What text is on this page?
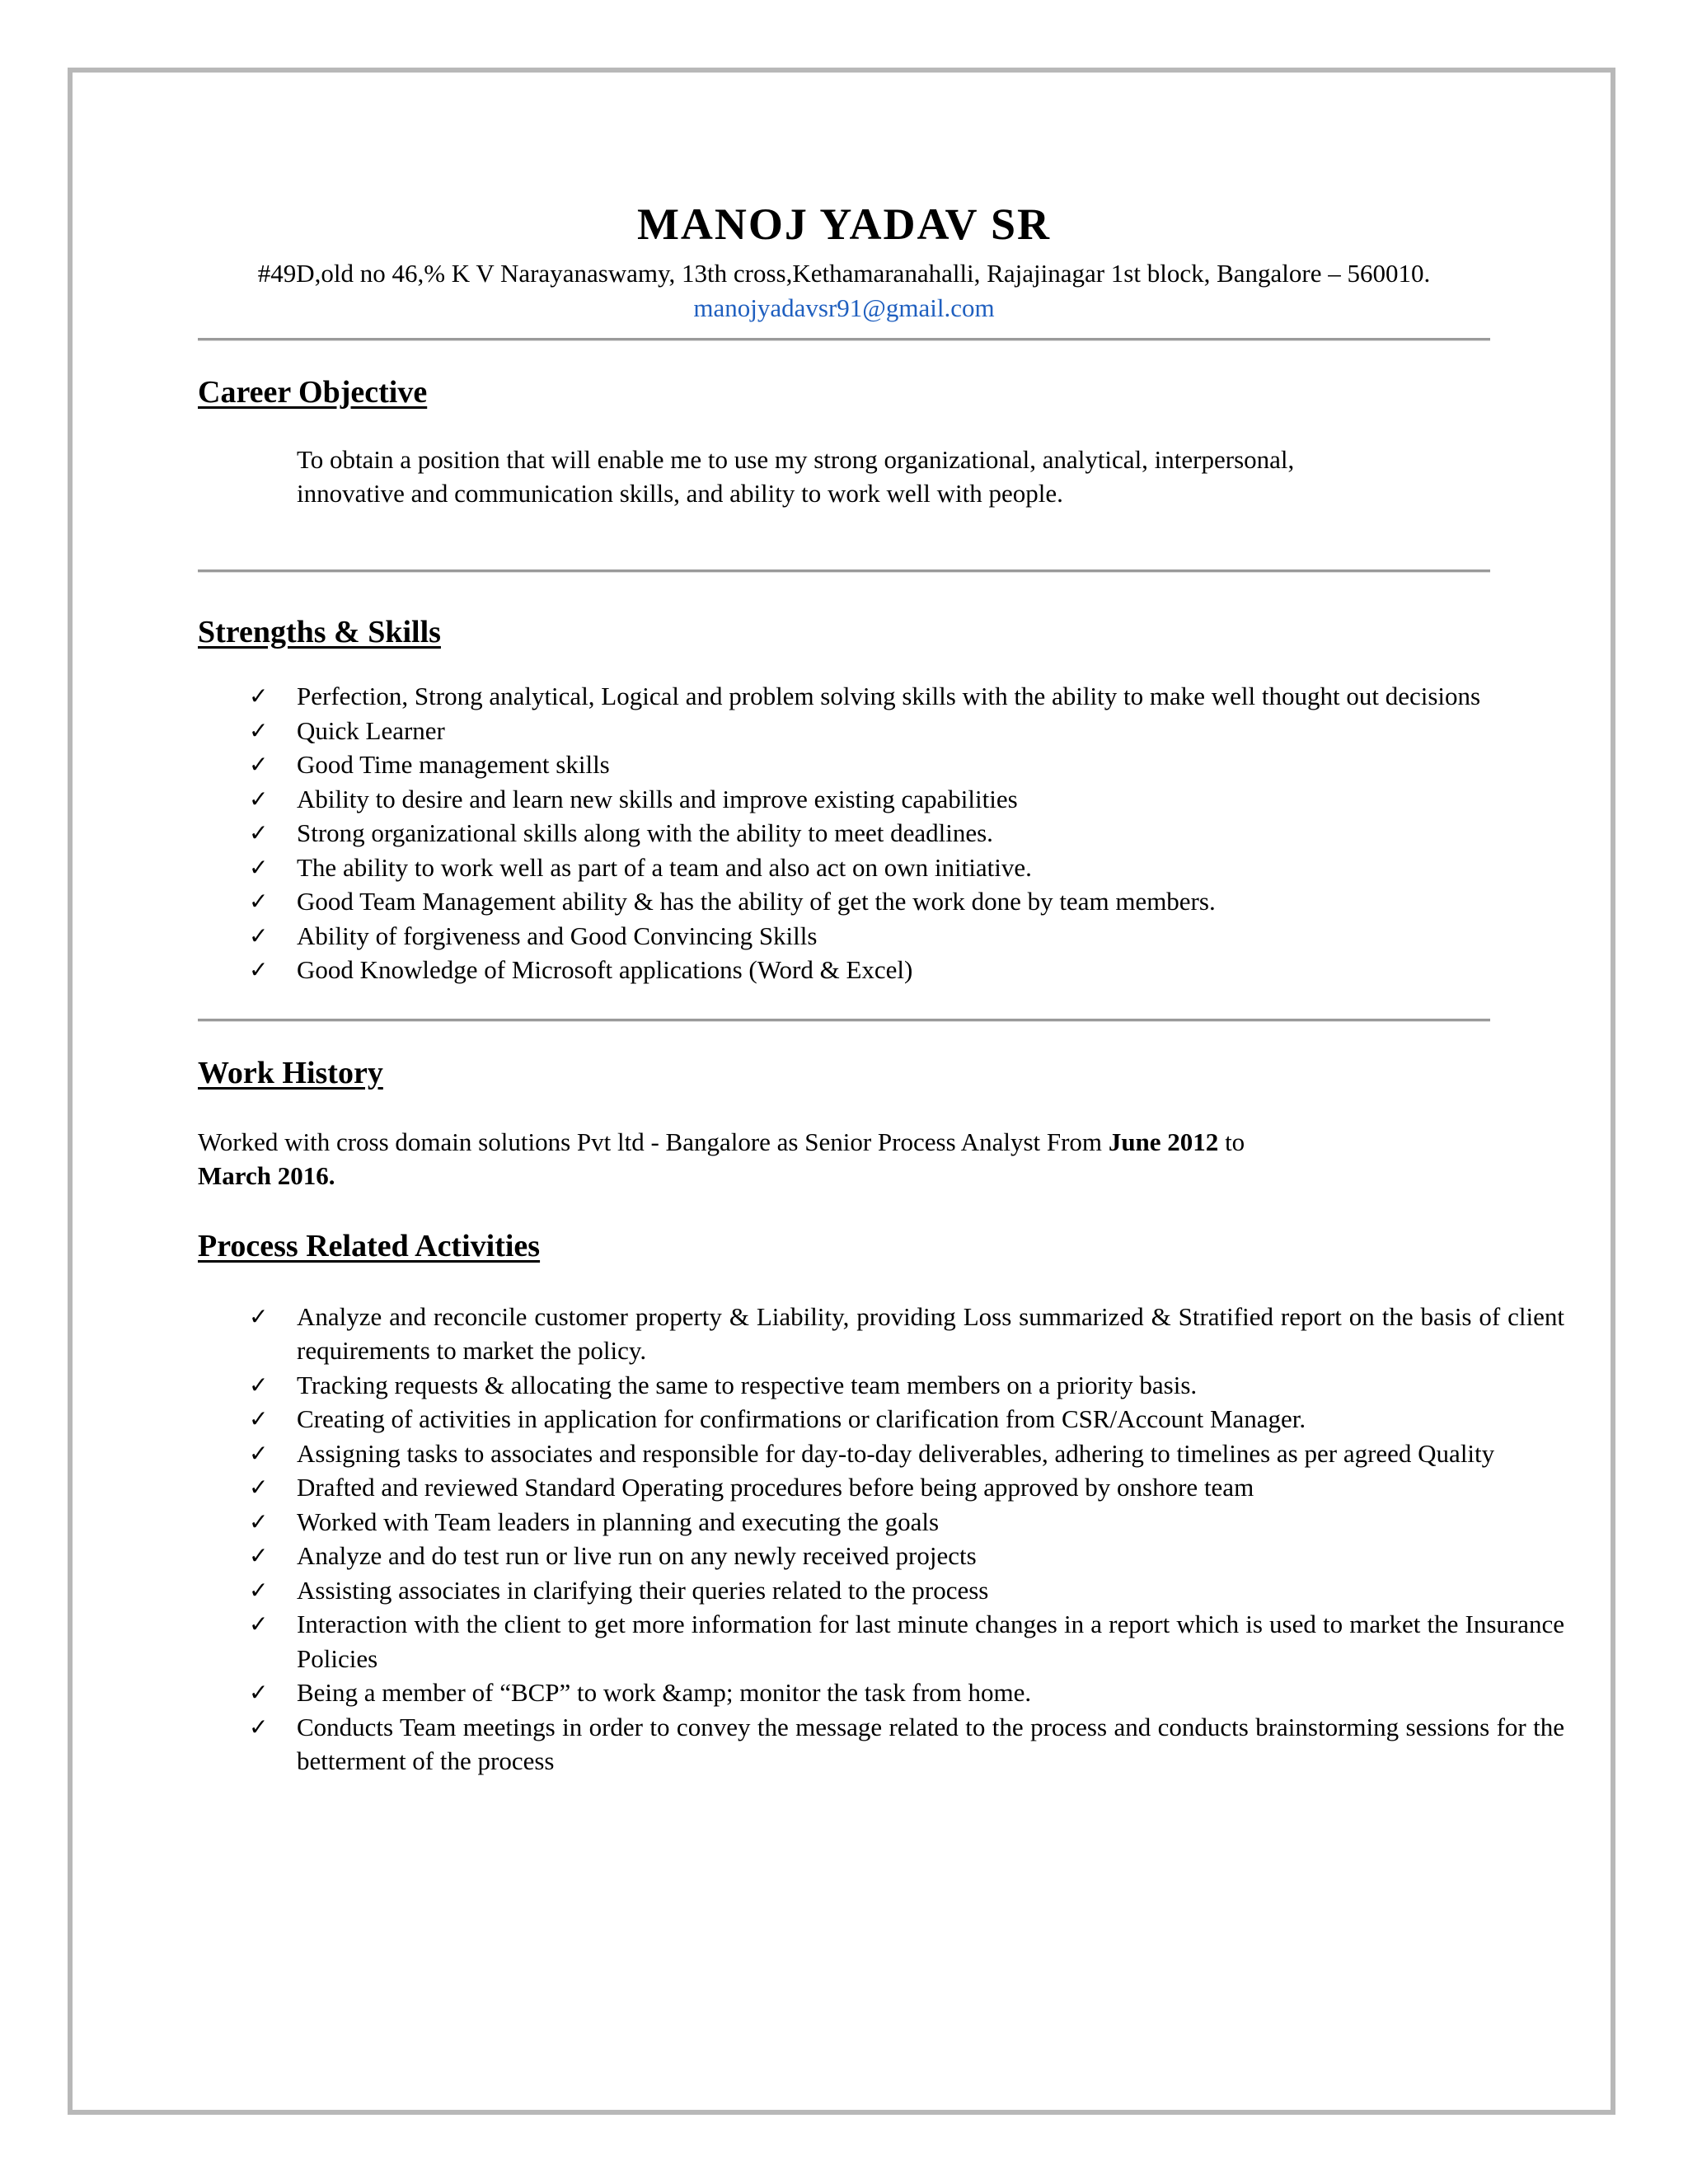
MANOJ YADAV SR
#49D,old no 46,% K V Narayanaswamy, 13th cross,Kethamaranahalli, Rajajinagar 1st block, Bangalore – 560010.
manojyadavsr91@gmail.com
Career Objective
To obtain a position that will enable me to use my strong organizational, analytical, interpersonal, innovative and communication skills, and ability to work well with people.
Strengths & Skills
✓ Perfection, Strong analytical, Logical and problem solving skills with the ability to make well thought out decisions
✓ Quick Learner
✓ Good Time management skills
✓ Ability to desire and learn new skills and improve existing capabilities
✓ Strong organizational skills along with the ability to meet deadlines.
✓ The ability to work well as part of a team and also act on own initiative.
✓ Good Team Management ability & has the ability of get the work done by team members.
✓ Ability of forgiveness and Good Convincing Skills
✓ Good Knowledge of Microsoft applications (Word & Excel)
Work History
Worked with cross domain solutions Pvt ltd - Bangalore as Senior Process Analyst From June 2012 to
March 2016.
Process Related Activities
✓ Analyze and reconcile customer property & Liability, providing Loss summarized & Stratified report on the basis of client requirements to market the policy.
✓ Tracking requests & allocating the same to respective team members on a priority basis.
✓ Creating of activities in application for confirmations or clarification from CSR/Account Manager.
✓ Assigning tasks to associates and responsible for day-to-day deliverables, adhering to timelines as per agreed Quality
✓ Drafted and reviewed Standard Operating procedures before being approved by onshore team
✓ Worked with Team leaders in planning and executing the goals
✓ Analyze and do test run or live run on any newly received projects
✓ Assisting associates in clarifying their queries related to the process
✓ Interaction with the client to get more information for last minute changes in a report which is used to market the Insurance Policies
✓ Being a member of “BCP” to work &amp; monitor the task from home.
✓ Conducts Team meetings in order to convey the message related to the process and conducts brainstorming sessions for the betterment of the process
